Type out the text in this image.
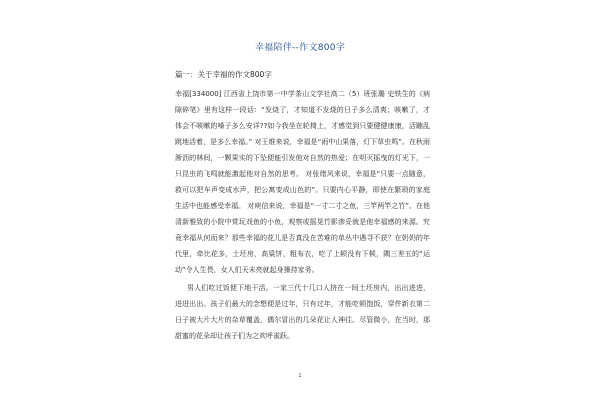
幸福陪伴--作文800字
篇一：关于幸福的作文800字

幸福[334000] 江西省上饶市第一中学茶山文学社高二（5）班张璐 史铁生的《病隙碎笔》里有这样一段话：“发烧了，才知道不发烧的日子多么清爽；咳嗽了，才体会不咳嗽的嗓子多么安详??如今我坐在轮椅上，才感觉到只要健健康康，活蹦乱跳地活着，是多么幸福。” 对王维来说，幸福是“雨中山果落，灯下草虫鸣”。在秋雨淅沥的林间，一颗果实的下坠便能引发他对自然的热爱；在明灭摇曳的灯光下，一只昆虫的飞鸣就能激起他对自然的思考。 对张绪风来说，幸福是“只要一点随意，救可以把车声变成水声，把公寓变成山色的”。只要内心平静，即使在繁琐的家庭生活中也能感受幸福。 对庾信来说，幸福是“一寸二寸之鱼，三竿两竿之竹”。在他清新雅致的小院中赏玩戏鱼的小鱼，观察或摇晃竹影渗妥就是他幸福感的来源。究竟幸福从何而来？那些幸福的花儿是否真没在苦难的单丛中遇寻不获？在奶奶的年代里，牵比花多，土坯房，高粱饼，粗布衣，吃了上顿没有下顿，隅三差五的“运动”令人生畏，女人们天未亮就起身操持家务。

男人们吃过饭便下地干活。一家三代十几口人挤在一间土坯房内，出出进进，进进出出。孩子们最大的念想便是过年，只有过年，才能吃顿饱饭，穿件新衣第二日子被大片大片的杂草覆盖，偶尔冒出的几朵花让人神往。尽管微小，在当时，那甜蜜的花朵却让孩子们为之欢呼雀跃。

1
